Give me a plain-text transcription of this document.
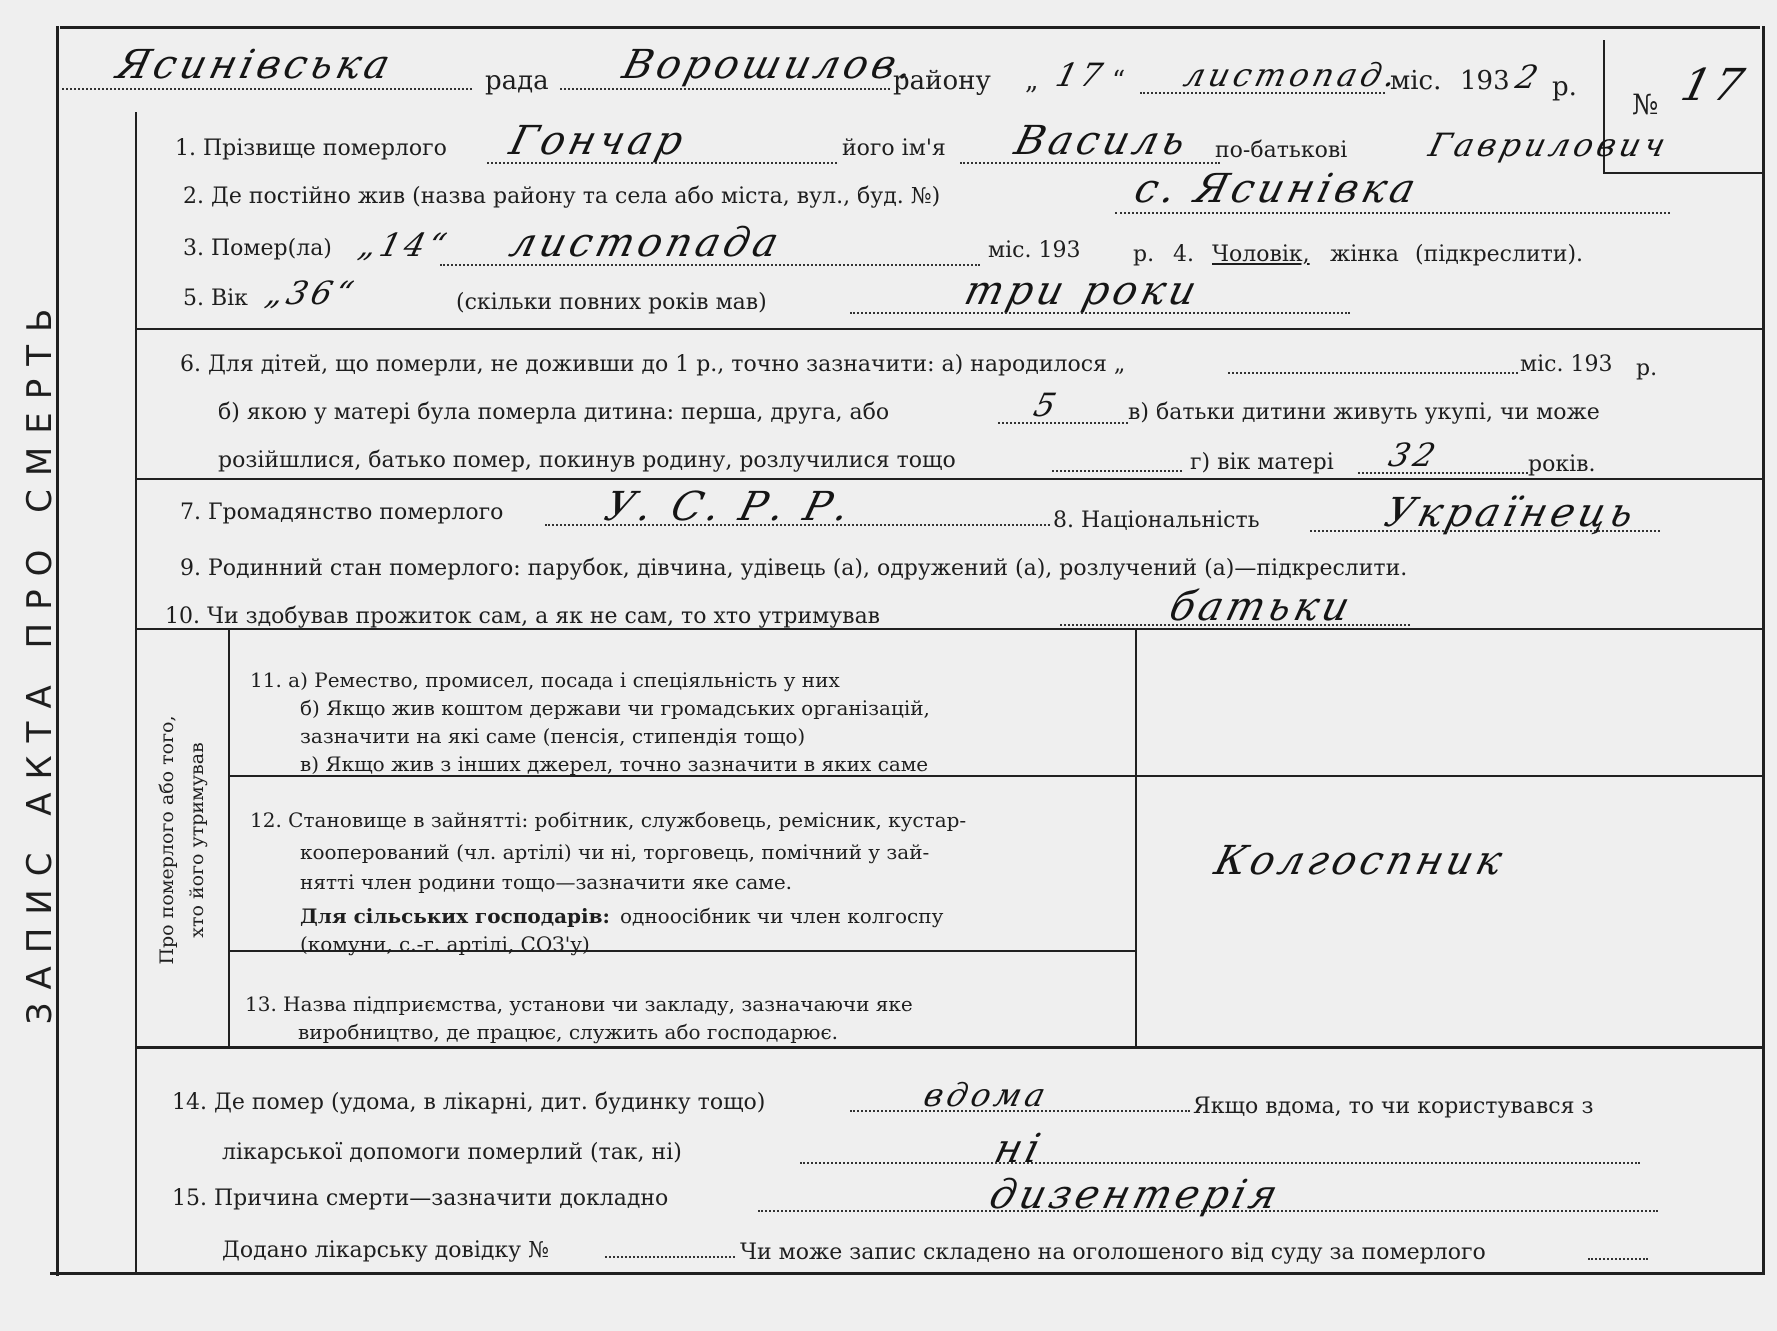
Ясинівська	рада Ворошилов.
району „ 17 “ листопад.
міс. 193 2 р.
№ 17
ЗАПИС АКТА ПРО СМЕРТЬ	Про померлого або того, хто його утримував
1. Прізвище померлого Гончар	його ім'я Василь по-батькові Гаврилович
2. Де постійно жив (назва району та села або міста, вул., буд. №)	с. Ясинівка
3. Помер(ла) „14“ листопада	міс. 193 р. 4. Чоловік, жінка (підкреслити).
5. Вік „36“	(скільки повних років мав)	три роки
6. Для дітей, що померли, не доживши до 1 р., точно зазначити: а) народилося „	міс. 193 р.
б) якою у матері була померла дитина: перша, друга, або	5	в) батьки дитини живуть укупі, чи може
розійшлися, батько помер, покинув родину, розлучилися тощо	г) вік матері 32	років.
7. Громадянство померлого У. С. Р. Р.	8. Національність	Українець
9. Родинний стан померлого: парубок, дівчина, удівець (а), одружений (а), розлучений (а)—підкреслити.
10. Чи здобував прожиток сам, а як не сам, то хто утримував	батьки
11. а) Ремество, промисел, посада і спеціяльність у них
б) Якщо жив коштом держави чи громадських організацій,
зазначити на які саме (пенсія, стипендія тощо)
в) Якщо жив з інших джерел, точно зазначити в яких саме
12. Становище в зайнятті: робітник, службовець, ремісник, кустар-
кооперований (чл. артілі) чи ні, торговець, помічний у зай-
нятті член родини тощо—зазначити яке саме.
Для сільських господарів: одноосібник чи член колгоспу
(комуни, с.-г. артілі, СОЗ'у)
Колгоспник
13. Назва підприємства, установи чи закладу, зазначаючи яке
виробництво, де працює, служить або господарює.
14. Де помер (удома, в лікарні, дит. будинку тощо)	вдома	Якщо вдома, то чи користувався з
лікарської допомоги померлий (так, ні)	ні
15. Причина смерти—зазначити докладно	дизентерія
Додано лікарську довідку №	Чи може запис складено на оголошеного від суду за померлого
